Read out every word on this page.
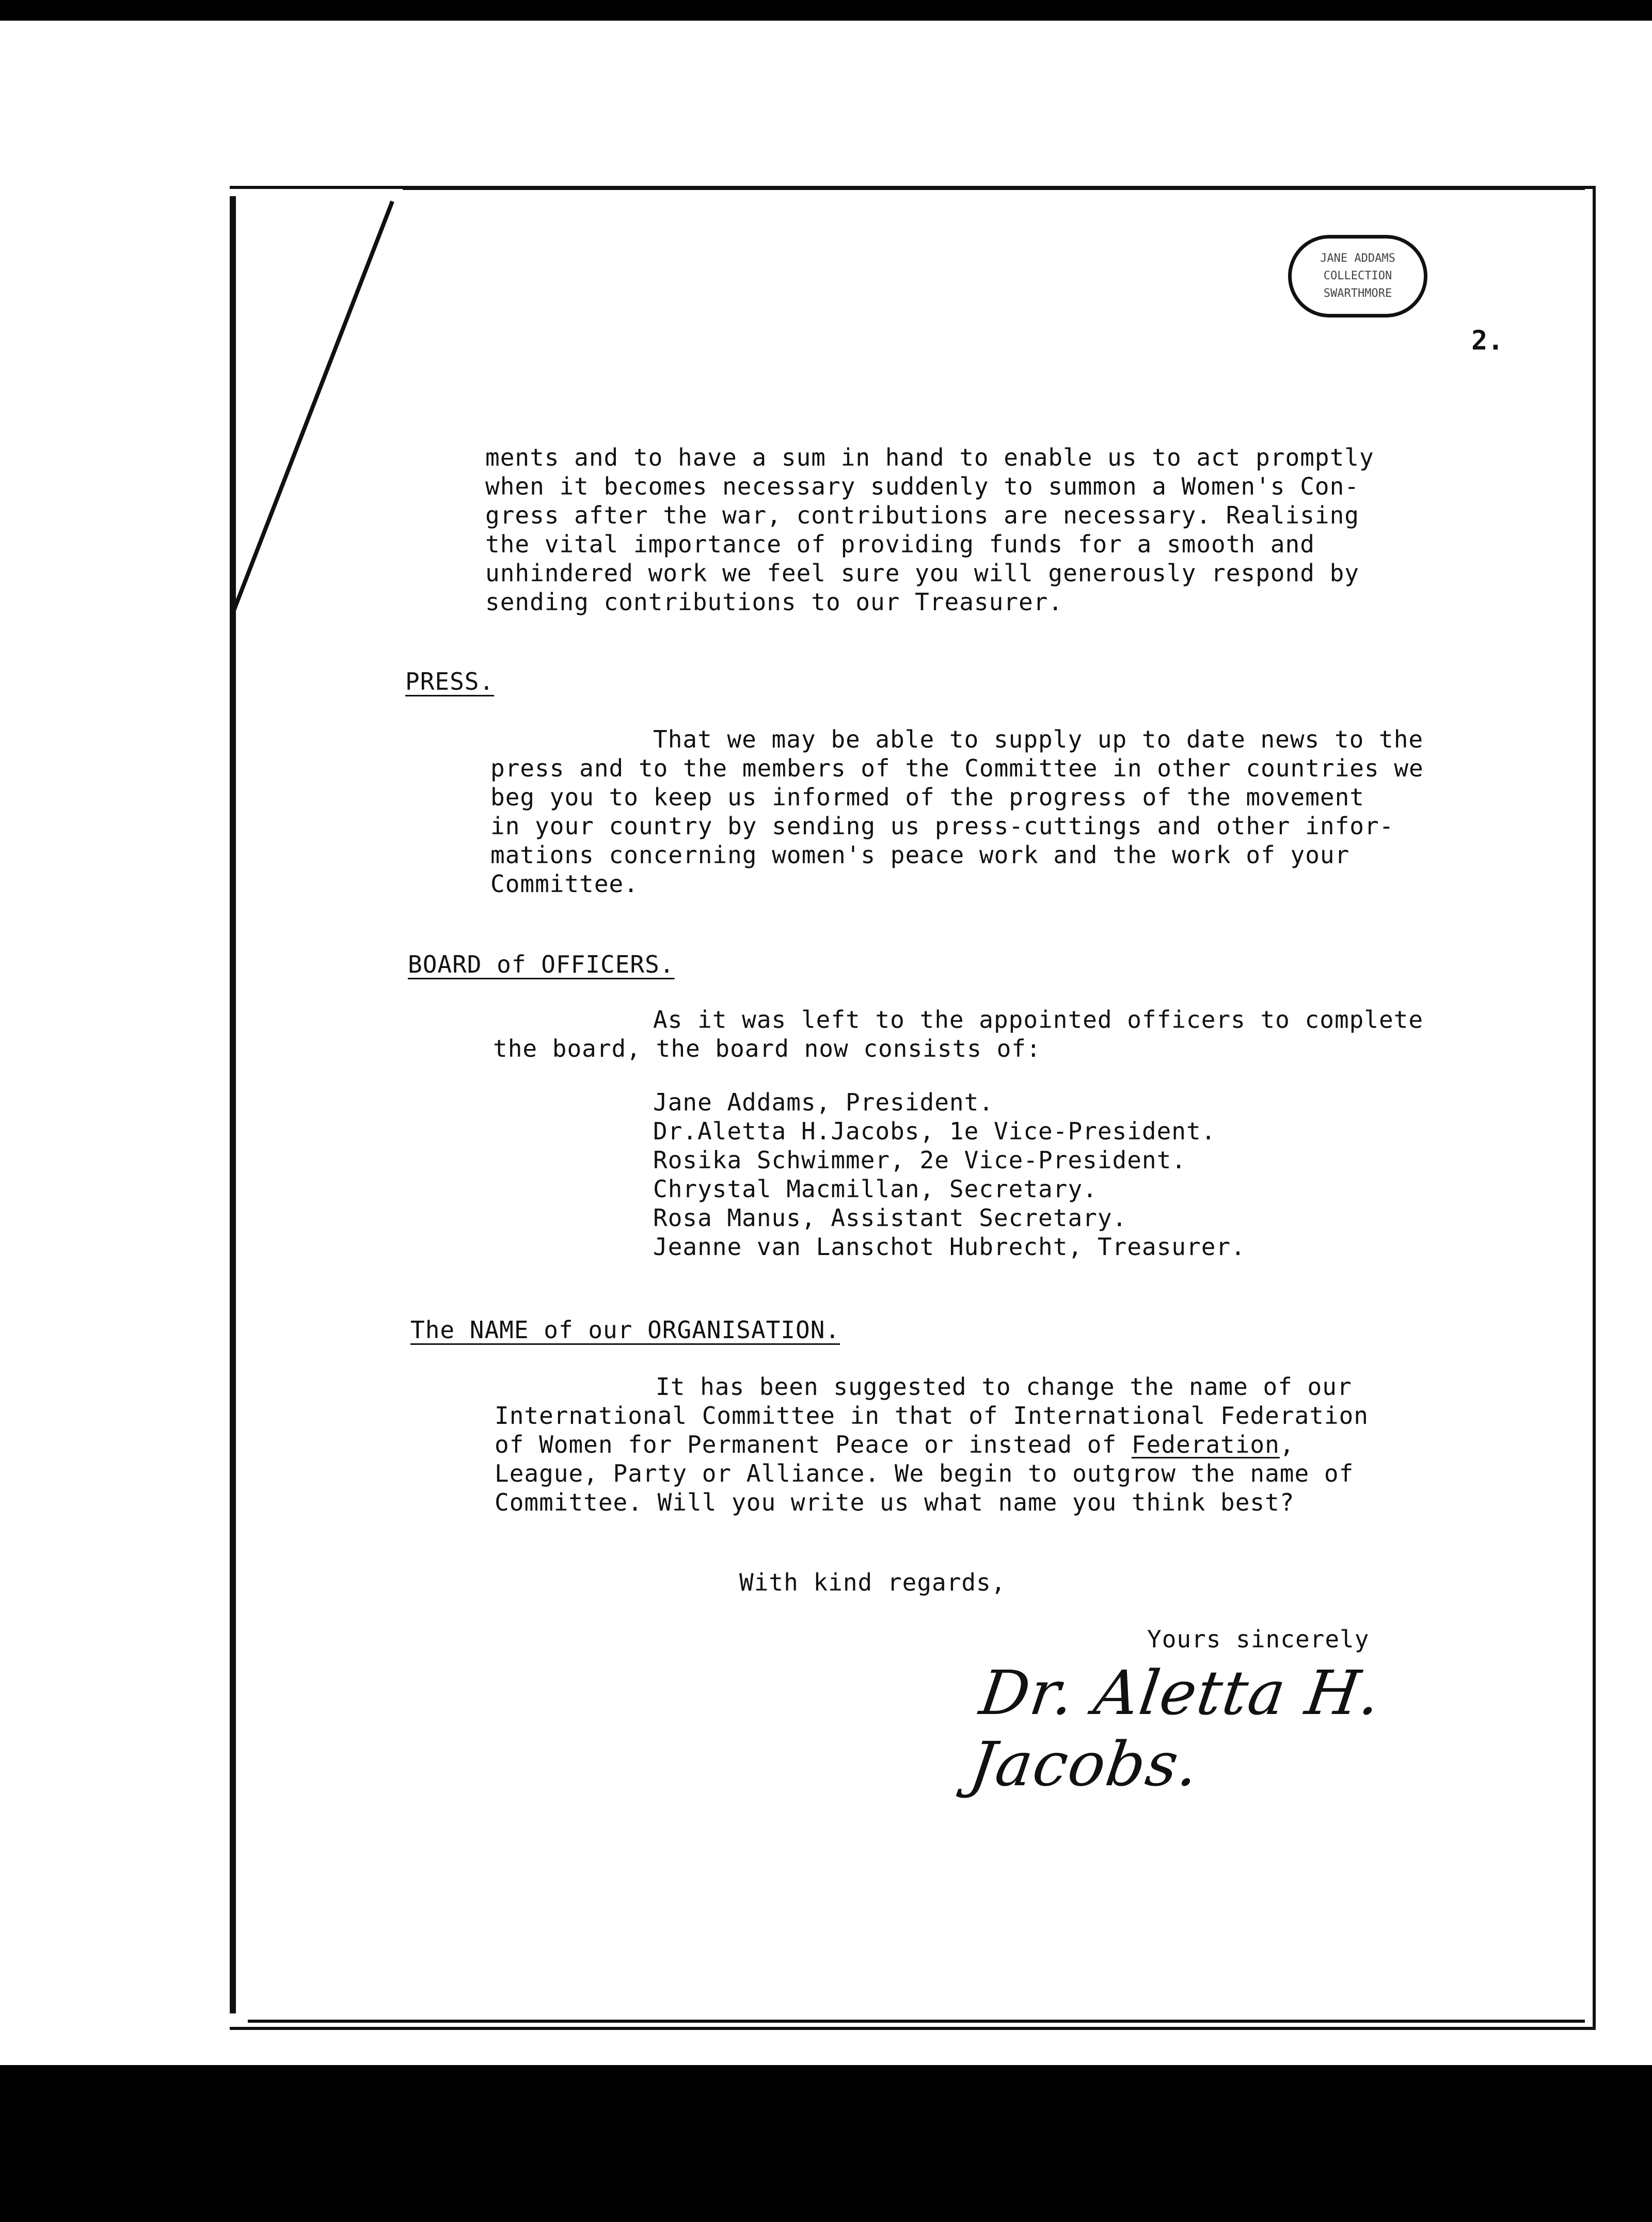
JANE ADDAMS
COLLECTION
SWARTHMORE
2.
ments and to have a sum in hand to enable us to act promptly
when it becomes necessary suddenly to summon a Women's Con-
gress after the war, contributions are necessary. Realising
the vital importance of providing funds for a smooth and
unhindered work we feel sure you will generously respond by
sending contributions to our Treasurer.
PRESS.
That we may be able to supply up to date news to the
press and to the members of the Committee in other countries we
beg you to keep us informed of the progress of the movement
in your country by sending us press-cuttings and other infor-
mations concerning women's peace work and the work of your
Committee.
BOARD of OFFICERS.
As it was left to the appointed officers to complete
the board, the board now consists of:
Jane Addams, President.
Dr.Aletta H.Jacobs, 1e Vice-President.
Rosika Schwimmer, 2e Vice-President.
Chrystal Macmillan, Secretary.
Rosa Manus, Assistant Secretary.
Jeanne van Lanschot Hubrecht, Treasurer.
The NAME of our ORGANISATION.
It has been suggested to change the name of our
International Committee in that of International Federation
of Women for Permanent Peace or instead of Federation,
League, Party or Alliance. We begin to outgrow the name of
Committee. Will you write us what name you think best?
With kind regards,
Yours sincerely
Dr. Aletta H. Jacobs.
